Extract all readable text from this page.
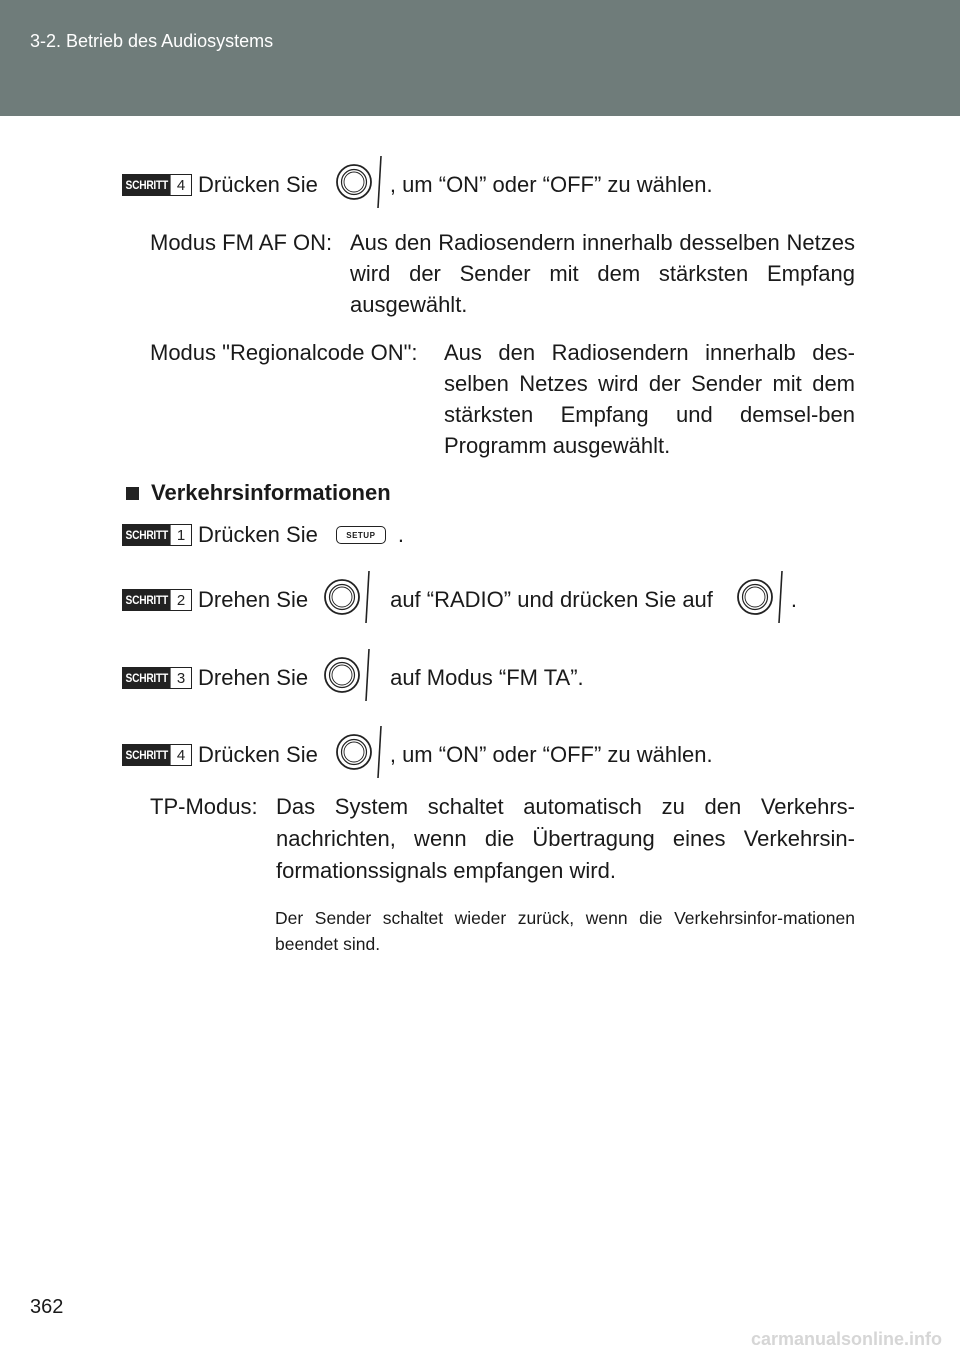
3-2. Betrieb des Audiosystems
SCHRITT 4 Drücken Sie	, um “ON” oder “OFF” zu wählen.
Modus FM AF ON: Aus den Radiosendern innerhalb desselben Netzes wird der Sender mit dem stärksten Empfang ausgewählt.
Modus "Regionalcode ON": Aus den Radiosendern innerhalb des-selben Netzes wird der Sender mit dem stärksten Empfang und demsel-ben Programm ausgewählt.
Verkehrsinformationen
SCHRITT 1 Drücken Sie	SETUP	.
SCHRITT 2 Drehen Sie	auf “RADIO” und drücken Sie auf	.
SCHRITT 3 Drehen Sie	auf Modus “FM TA”.
SCHRITT 4 Drücken Sie	, um “ON” oder “OFF” zu wählen.
TP-Modus: Das System schaltet automatisch zu den Verkehrs-nachrichten, wenn die Übertragung eines Verkehrsin-formationssignals empfangen wird.
Der Sender schaltet wieder zurück, wenn die Verkehrsinfor-mationen beendet sind.
362
carmanualsonline.info
